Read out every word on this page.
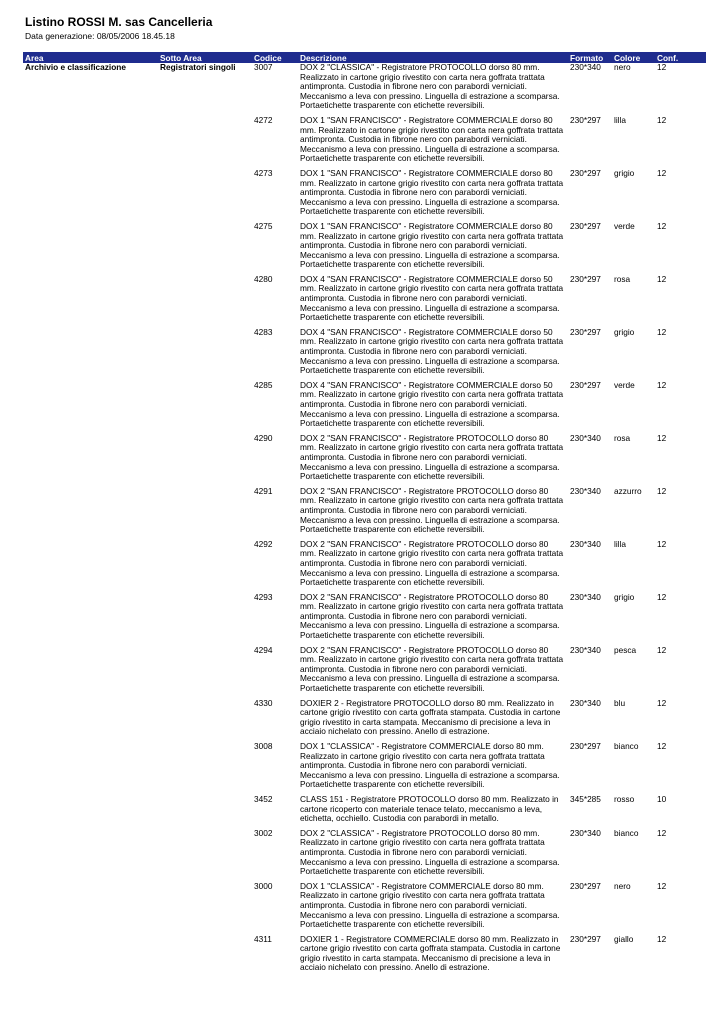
Listino ROSSI M. sas Cancelleria
Data generazione: 08/05/2006 18.45.18
Area	Sotto Area	Codice	Descrizione	Formato	Colore	Conf.
Archivio e classificazione	Registratori singoli	3007	DOX 2 "CLASSICA" - Registratore PROTOCOLLO dorso 80 mm. Realizzato in cartone grigio rivestito con carta nera goffrata trattata antimpronta. Custodia in fibrone nero con parabordi verniciati. Meccanismo a leva con pressino. Linguella di estrazione a scomparsa. Portaetichette trasparente con etichette reversibili.	230*340	nero	12
		4272	DOX 1 "SAN FRANCISCO" - Registratore COMMERCIALE dorso 80 mm. Realizzato in cartone grigio rivestito con carta nera goffrata trattata antimpronta. Custodia in fibrone nero con parabordi verniciati. Meccanismo a leva con pressino. Linguella di estrazione a scomparsa. Portaetichette trasparente con etichette reversibili.	230*297	lilla	12
		4273	DOX 1 "SAN FRANCISCO" - Registratore COMMERCIALE dorso 80 mm. Realizzato in cartone grigio rivestito con carta nera goffrata trattata antimpronta. Custodia in fibrone nero con parabordi verniciati. Meccanismo a leva con pressino. Linguella di estrazione a scomparsa. Portaetichette trasparente con etichette reversibili.	230*297	grigio	12
		4275	DOX 1 "SAN FRANCISCO" - Registratore COMMERCIALE dorso 80 mm. Realizzato in cartone grigio rivestito con carta nera goffrata trattata antimpronta. Custodia in fibrone nero con parabordi verniciati. Meccanismo a leva con pressino. Linguella di estrazione a scomparsa. Portaetichette trasparente con etichette reversibili.	230*297	verde	12
		4280	DOX 4 "SAN FRANCISCO" - Registratore COMMERCIALE dorso 50 mm. Realizzato in cartone grigio rivestito con carta nera goffrata trattata antimpronta. Custodia in fibrone nero con parabordi verniciati. Meccanismo a leva con pressino. Linguella di estrazione a scomparsa. Portaetichette trasparente con etichette reversibili.	230*297	rosa	12
		4283	DOX 4 "SAN FRANCISCO" - Registratore COMMERCIALE dorso 50 mm. Realizzato in cartone grigio rivestito con carta nera goffrata trattata antimpronta. Custodia in fibrone nero con parabordi verniciati. Meccanismo a leva con pressino. Linguella di estrazione a scomparsa. Portaetichette trasparente con etichette reversibili.	230*297	grigio	12
		4285	DOX 4 "SAN FRANCISCO" - Registratore COMMERCIALE dorso 50 mm. Realizzato in cartone grigio rivestito con carta nera goffrata trattata antimpronta. Custodia in fibrone nero con parabordi verniciati. Meccanismo a leva con pressino. Linguella di estrazione a scomparsa. Portaetichette trasparente con etichette reversibili.	230*297	verde	12
		4290	DOX 2 "SAN FRANCISCO" - Registratore PROTOCOLLO dorso 80 mm. Realizzato in cartone grigio rivestito con carta nera goffrata trattata antimpronta. Custodia in fibrone nero con parabordi verniciati. Meccanismo a leva con pressino. Linguella di estrazione a scomparsa. Portaetichette trasparente con etichette reversibili.	230*340	rosa	12
		4291	DOX 2 "SAN FRANCISCO" - Registratore PROTOCOLLO dorso 80 mm. Realizzato in cartone grigio rivestito con carta nera goffrata trattata antimpronta. Custodia in fibrone nero con parabordi verniciati. Meccanismo a leva con pressino. Linguella di estrazione a scomparsa. Portaetichette trasparente con etichette reversibili.	230*340	azzurro	12
		4292	DOX 2 "SAN FRANCISCO" - Registratore PROTOCOLLO dorso 80 mm. Realizzato in cartone grigio rivestito con carta nera goffrata trattata antimpronta. Custodia in fibrone nero con parabordi verniciati. Meccanismo a leva con pressino. Linguella di estrazione a scomparsa. Portaetichette trasparente con etichette reversibili.	230*340	lilla	12
		4293	DOX 2 "SAN FRANCISCO" - Registratore PROTOCOLLO dorso 80 mm. Realizzato in cartone grigio rivestito con carta nera goffrata trattata antimpronta. Custodia in fibrone nero con parabordi verniciati. Meccanismo a leva con pressino. Linguella di estrazione a scomparsa. Portaetichette trasparente con etichette reversibili.	230*340	grigio	12
		4294	DOX 2 "SAN FRANCISCO" - Registratore PROTOCOLLO dorso 80 mm. Realizzato in cartone grigio rivestito con carta nera goffrata trattata antimpronta. Custodia in fibrone nero con parabordi verniciati. Meccanismo a leva con pressino. Linguella di estrazione a scomparsa. Portaetichette trasparente con etichette reversibili.	230*340	pesca	12
		4330	DOXIER 2 - Registratore PROTOCOLLO dorso 80 mm. Realizzato in cartone grigio rivestito con carta goffrata stampata. Custodia in cartone grigio rivestito in carta stampata. Meccanismo di precisione a leva in acciaio nichelato con pressino. Anello di estrazione.	230*340	blu	12
		3008	DOX 1 "CLASSICA" - Registratore COMMERCIALE dorso 80 mm. Realizzato in cartone grigio rivestito con carta nera goffrata trattata antimpronta. Custodia in fibrone nero con parabordi verniciati. Meccanismo a leva con pressino. Linguella di estrazione a scomparsa. Portaetichette trasparente con etichette reversibili.	230*297	bianco	12
		3452	CLASS 151 - Registratore PROTOCOLLO dorso 80 mm. Realizzato in cartone ricoperto con materiale tenace telato, meccanismo a leva, etichetta, occhiello. Custodia con parabordi in metallo.	345*285	rosso	10
		3002	DOX 2 "CLASSICA" - Registratore PROTOCOLLO dorso 80 mm. Realizzato in cartone grigio rivestito con carta nera goffrata trattata antimpronta. Custodia in fibrone nero con parabordi verniciati. Meccanismo a leva con pressino. Linguella di estrazione a scomparsa. Portaetichette trasparente con etichette reversibili.	230*340	bianco	12
		3000	DOX 1 "CLASSICA" - Registratore COMMERCIALE dorso 80 mm. Realizzato in cartone grigio rivestito con carta nera goffrata trattata antimpronta. Custodia in fibrone nero con parabordi verniciati. Meccanismo a leva con pressino. Linguella di estrazione a scomparsa. Portaetichette trasparente con etichette reversibili.	230*297	nero	12
		4311	DOXIER 1 - Registratore COMMERCIALE dorso 80 mm. Realizzato in cartone grigio rivestito con carta goffrata stampata. Custodia in cartone grigio rivestito in carta stampata. Meccanismo di precisione a leva in acciaio nichelato con pressino. Anello di estrazione.	230*297	giallo	12
